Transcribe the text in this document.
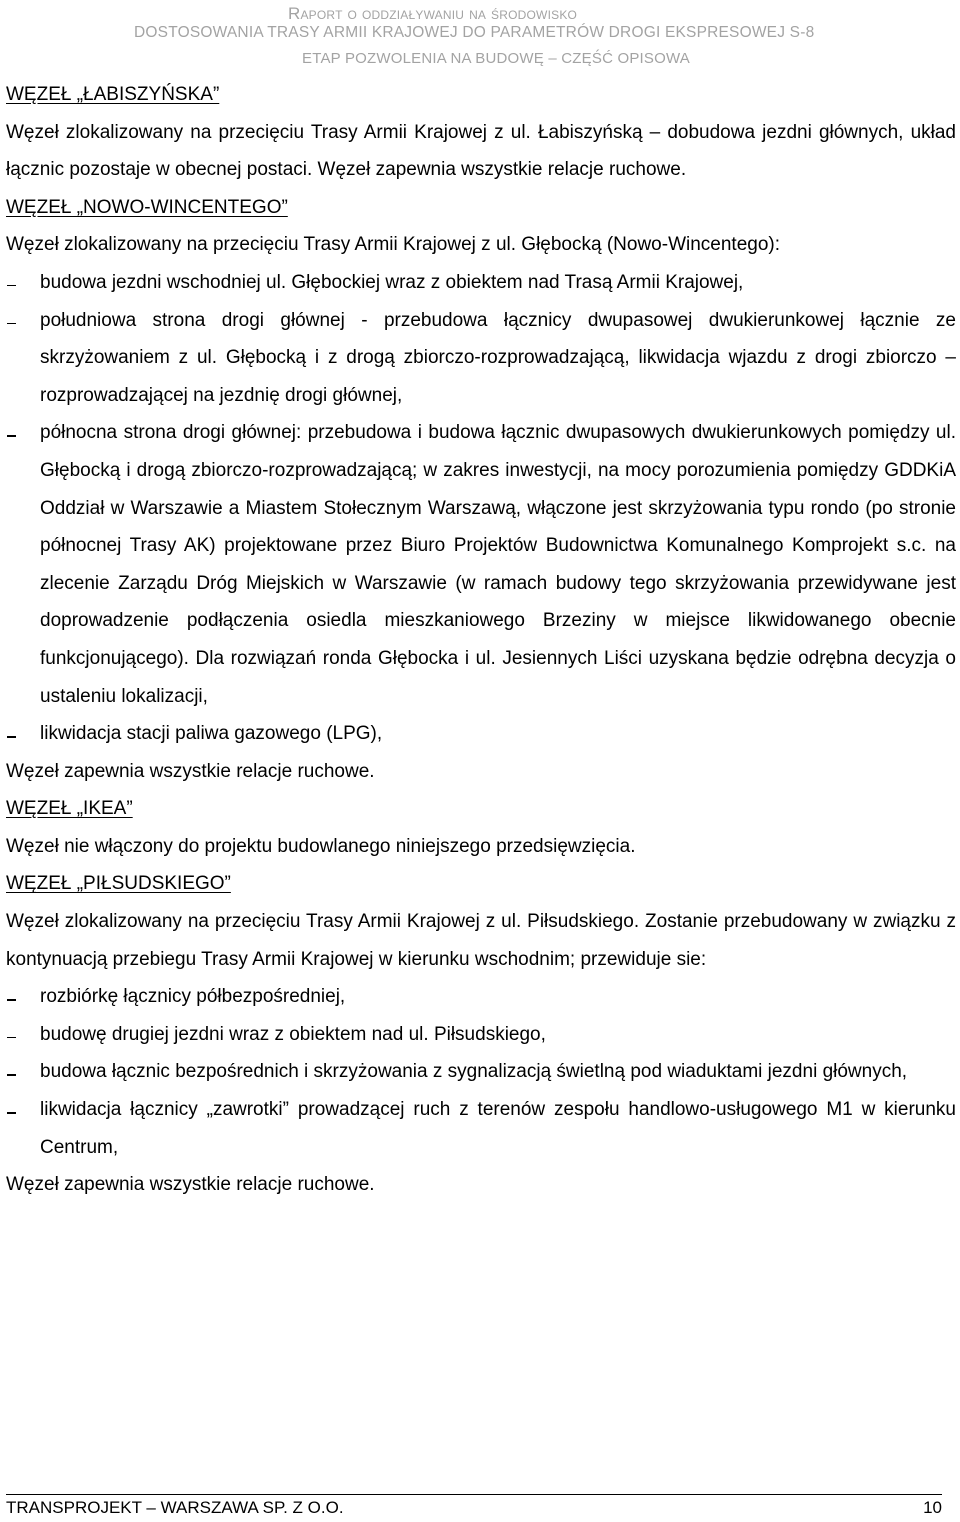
Raport o oddziaływaniu na środowisko
DOSTOSOWANIA TRASY ARMII KRAJOWEJ DO PARAMETRÓW DROGI EKSPRESOWEJ S-8
ETAP POZWOLENIA NA BUDOWĘ – CZĘŚĆ OPISOWA
WĘZEŁ „ŁABISZYŃSKA”
Węzeł zlokalizowany na przecięciu Trasy Armii Krajowej z ul. Łabiszyńską – dobudowa jezdni głównych, układ łącznic pozostaje w obecnej postaci. Węzeł zapewnia wszystkie relacje ruchowe.
WĘZEŁ „NOWO-WINCENTEGO”
Węzeł zlokalizowany na przecięciu Trasy Armii Krajowej z ul. Głębocką (Nowo-Wincentego):
budowa jezdni wschodniej ul. Głębockiej wraz z obiektem nad Trasą Armii Krajowej,
południowa strona drogi głównej - przebudowa łącznicy dwupasowej dwukierunkowej łącznie ze skrzyżowaniem z ul. Głębocką i z drogą zbiorczo-rozprowadzającą, likwidacja wjazdu z drogi zbiorczo – rozprowadzającej na jezdnię drogi głównej,
północna strona drogi głównej: przebudowa i budowa łącznic dwupasowych dwukierunkowych pomiędzy ul. Głębocką i drogą zbiorczo-rozprowadzającą; w zakres inwestycji, na mocy porozumienia pomiędzy GDDKiA Oddział w Warszawie a Miastem Stołecznym Warszawą, włączone jest skrzyżowania typu rondo (po stronie północnej Trasy AK) projektowane przez Biuro Projektów Budownictwa Komunalnego Komprojekt s.c. na zlecenie Zarządu Dróg Miejskich w Warszawie (w ramach budowy tego skrzyżowania przewidywane jest doprowadzenie podłączenia osiedla mieszkaniowego Brzeziny w miejsce likwidowanego obecnie funkcjonującego). Dla rozwiązań ronda Głębocka i ul. Jesiennych Liści uzyskana będzie odrębna decyzja o ustaleniu lokalizacji,
likwidacja stacji paliwa gazowego (LPG),
Węzeł zapewnia wszystkie relacje ruchowe.
WĘZEŁ „IKEA”
Węzeł nie włączony do projektu budowlanego niniejszego przedsięwzięcia.
WĘZEŁ „PIŁSUDSKIEGO”
Węzeł zlokalizowany na przecięciu Trasy Armii Krajowej z ul. Piłsudskiego. Zostanie przebudowany w związku z kontynuacją przebiegu Trasy Armii Krajowej w kierunku wschodnim; przewiduje sie:
rozbiórkę łącznicy półbezpośredniej,
budowę drugiej jezdni wraz z obiektem nad ul. Piłsudskiego,
budowa łącznic bezpośrednich i skrzyżowania z sygnalizacją świetlną pod wiaduktami jezdni głównych,
likwidacja łącznicy „zawrotki” prowadzącej ruch z terenów zespołu handlowo-usługowego M1 w kierunku Centrum,
Węzeł zapewnia wszystkie relacje ruchowe.
TRANSPROJEKT – WARSZAWA SP. Z O.O.	10
